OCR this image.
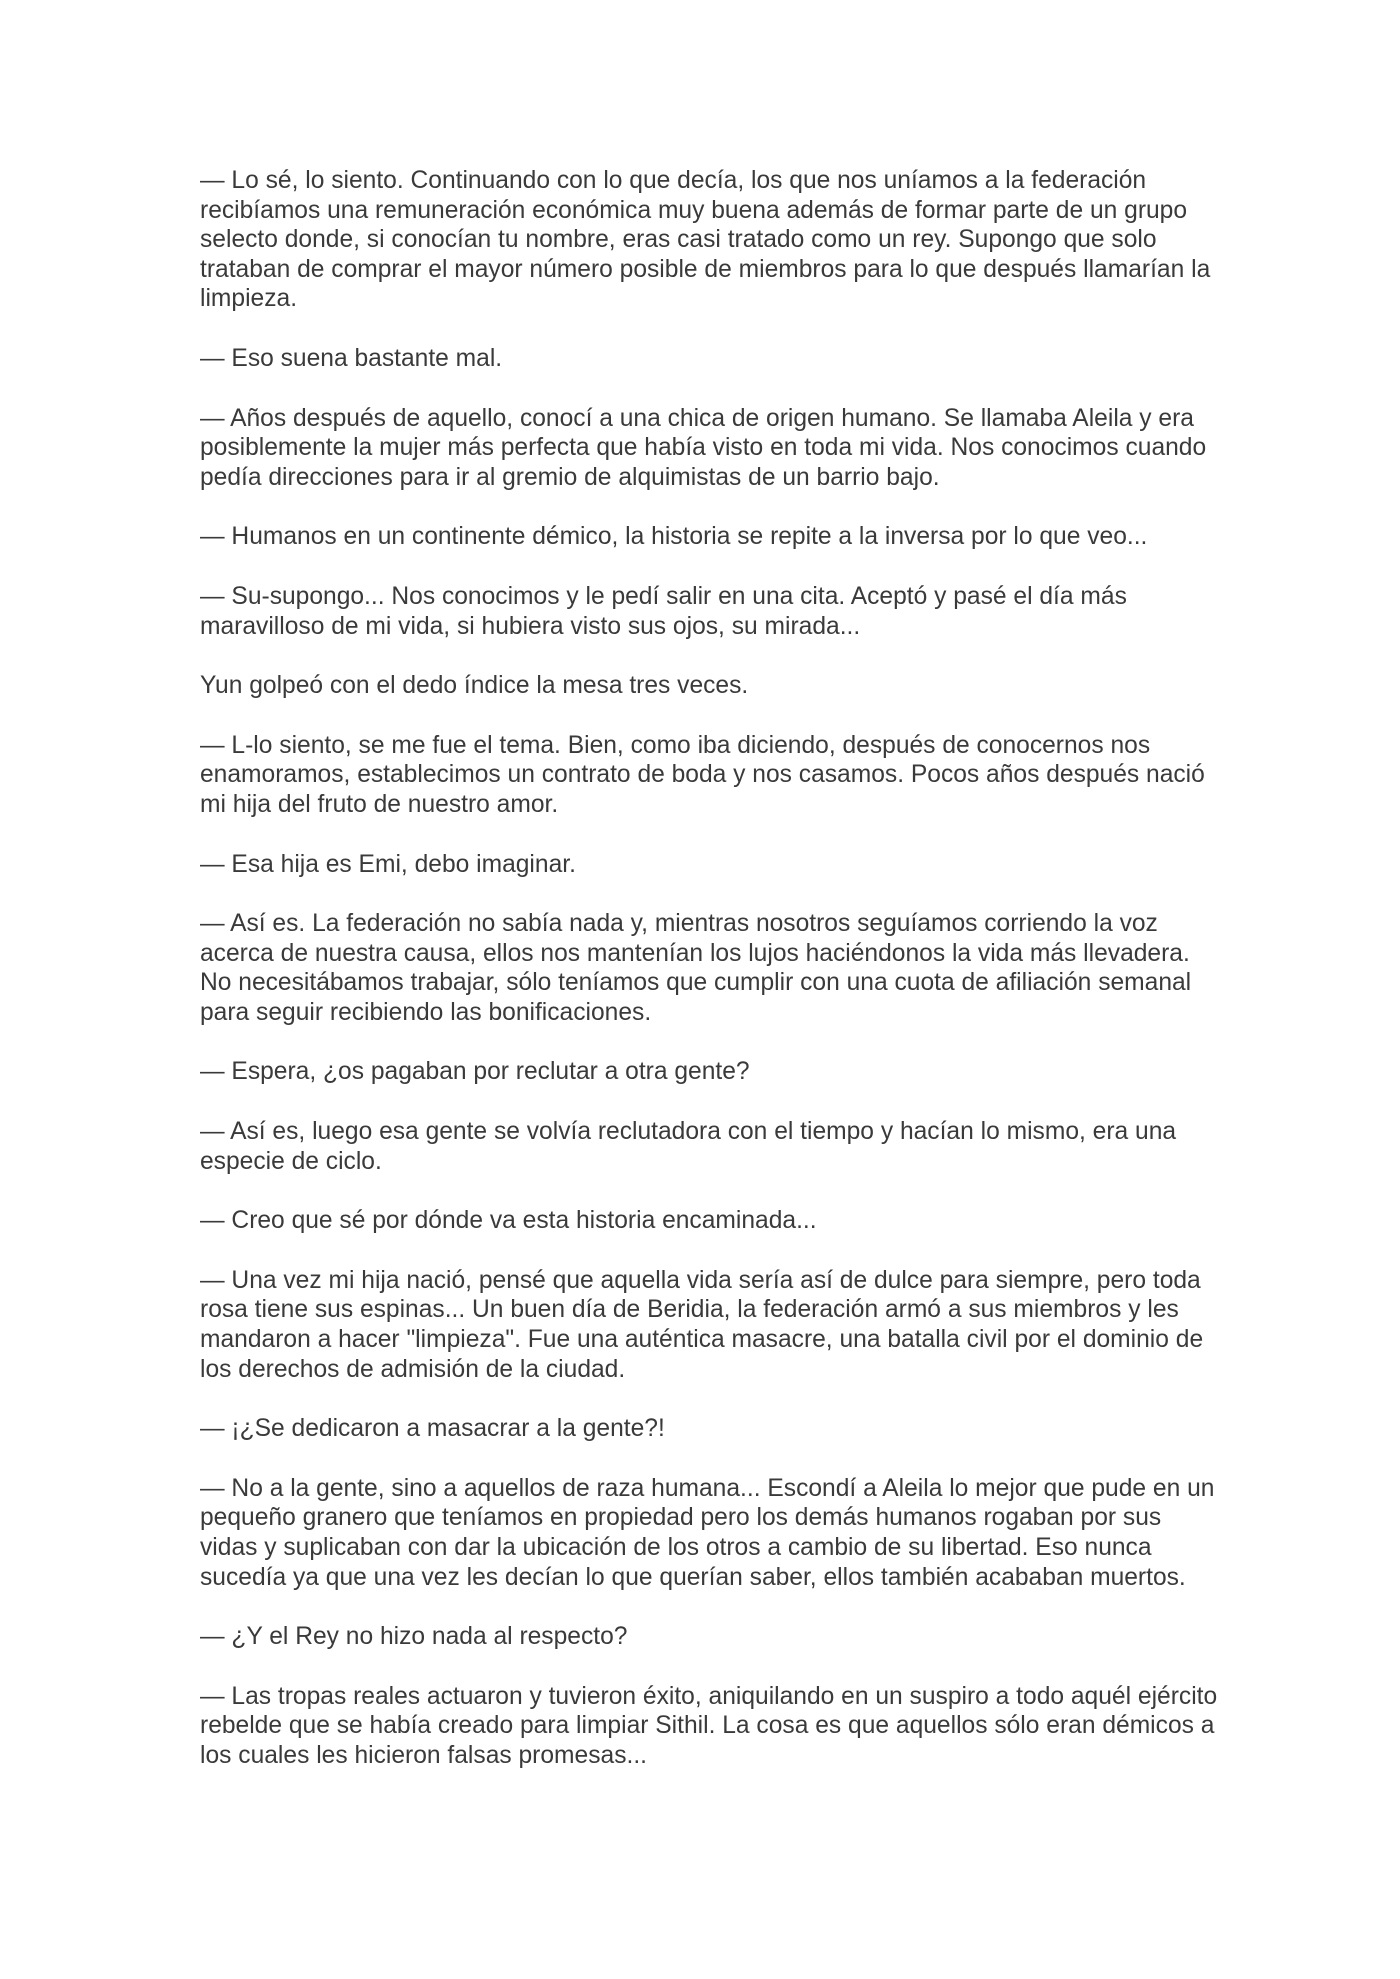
— Lo sé, lo siento. Continuando con lo que decía, los que nos uníamos a la federación recibíamos una remuneración económica muy buena además de formar parte de un grupo selecto donde, si conocían tu nombre, eras casi tratado como un rey. Supongo que solo trataban de comprar el mayor número posible de miembros para lo que después llamarían la limpieza.

— Eso suena bastante mal.

— Años después de aquello, conocí a una chica de origen humano. Se llamaba Aleila y era posiblemente la mujer más perfecta que había visto en toda mi vida. Nos conocimos cuando pedía direcciones para ir al gremio de alquimistas de un barrio bajo.

— Humanos en un continente démico, la historia se repite a la inversa por lo que veo...

— Su-supongo... Nos conocimos y le pedí salir en una cita. Aceptó y pasé el día más maravilloso de mi vida, si hubiera visto sus ojos, su mirada...

Yun golpeó con el dedo índice la mesa tres veces.

— L-lo siento, se me fue el tema. Bien, como iba diciendo, después de conocernos nos enamoramos, establecimos un contrato de boda y nos casamos. Pocos años después nació mi hija del fruto de nuestro amor.

— Esa hija es Emi, debo imaginar.

— Así es. La federación no sabía nada y, mientras nosotros seguíamos corriendo la voz acerca de nuestra causa, ellos nos mantenían los lujos haciéndonos la vida más llevadera. No necesitábamos trabajar, sólo teníamos que cumplir con una cuota de afiliación semanal para seguir recibiendo las bonificaciones.

— Espera, ¿os pagaban por reclutar a otra gente?

— Así es, luego esa gente se volvía reclutadora con el tiempo y hacían lo mismo, era una especie de ciclo.

— Creo que sé por dónde va esta historia encaminada...

— Una vez mi hija nació, pensé que aquella vida sería así de dulce para siempre, pero toda rosa tiene sus espinas... Un buen día de Beridia, la federación armó a sus miembros y les mandaron a hacer "limpieza". Fue una auténtica masacre, una batalla civil por el dominio de los derechos de admisión de la ciudad.

— ¡¿Se dedicaron a masacrar a la gente?!

— No a la gente, sino a aquellos de raza humana... Escondí a Aleila lo mejor que pude en un pequeño granero que teníamos en propiedad pero los demás humanos rogaban por sus vidas y suplicaban con dar la ubicación de los otros a cambio de su libertad. Eso nunca sucedía ya que una vez les decían lo que querían saber, ellos también acababan muertos.

— ¿Y el Rey no hizo nada al respecto?

— Las tropas reales actuaron y tuvieron éxito, aniquilando en un suspiro a todo aquél ejército rebelde que se había creado para limpiar Sithil. La cosa es que aquellos sólo eran démicos a los cuales les hicieron falsas promesas...
